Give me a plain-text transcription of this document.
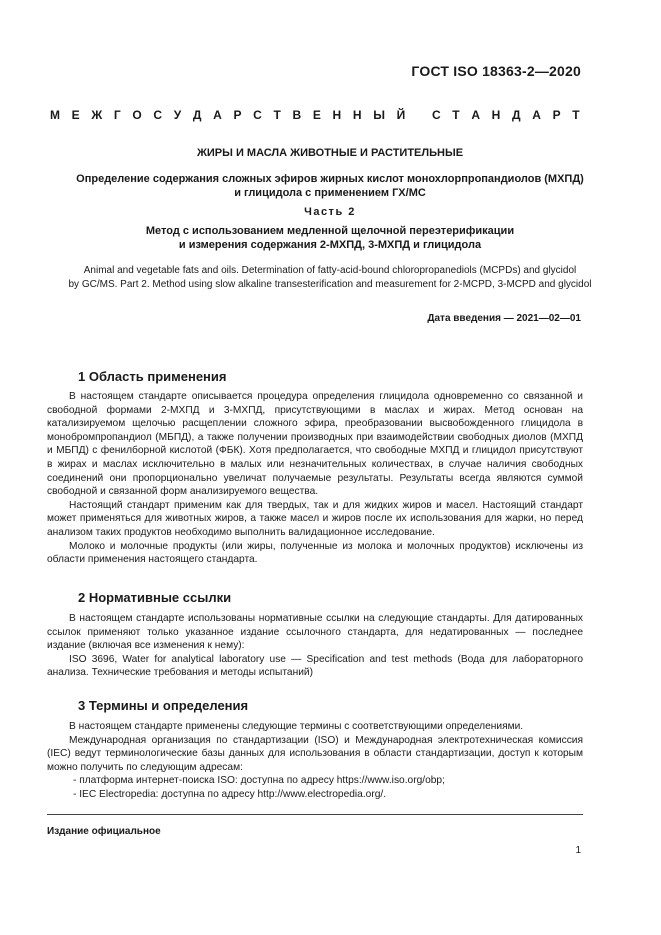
ГОСТ ISO 18363-2—2020
М Е Ж Г О С У Д А Р С Т В Е Н Н Ы Й
С Т А Н Д А Р Т
ЖИРЫ И МАСЛА ЖИВОТНЫЕ И РАСТИТЕЛЬНЫЕ
Определение содержания сложных эфиров жирных кислот монохлорпропандиолов (МХПД)
и глицидола с применением ГХ/МС
Часть 2
Метод с использованием медленной щелочной переэтерификации
и измерения содержания 2-МХПД, 3-МХПД и глицидола
Animal and vegetable fats and oils. Determination of fatty-acid-bound chloropropanediols (MCPDs) and glycidol
by GC/MS. Part 2. Method using slow alkaline transesterification and measurement for 2-MCPD, 3-MCPD and glycidol
Дата введения — 2021—02—01
1 Область применения

В настоящем стандарте описывается процедура определения глицидола одновременно со связанной и свободной формами 2-МХПД и 3-МХПД, присутствующими в маслах и жирах. Метод основан на катализируемом щелочью расщеплении сложного эфира, преобразовании высвобожденного глицидола в монобромпропандиол (МБПД), а также получении производных при взаимодействии свободных диолов (МХПД и МБПД) с фенилборной кислотой (ФБК). Хотя предполагается, что свободные МХПД и глицидол присутствуют в жирах и маслах исключительно в малых или незначительных количествах, в случае наличия свободных соединений они пропорционально увеличат получаемые результаты. Результаты всегда являются суммой свободной и связанной форм анализируемого вещества.

Настоящий стандарт применим как для твердых, так и для жидких жиров и масел. Настоящий стандарт может применяться для животных жиров, а также масел и жиров после их использования для жарки, но перед анализом таких продуктов необходимо выполнить валидационное исследование.

Молоко и молочные продукты (или жиры, полученные из молока и молочных продуктов) исключены из области применения настоящего стандарта.

2 Нормативные ссылки

В настоящем стандарте использованы нормативные ссылки на следующие стандарты. Для датированных ссылок применяют только указанное издание ссылочного стандарта, для недатированных — последнее издание (включая все изменения к нему):

ISO 3696, Water for analytical laboratory use — Specification and test methods (Вода для лабораторного анализа. Технические требования и методы испытаний)

3 Термины и определения

В настоящем стандарте применены следующие термины с соответствующими определениями.

Международная организация по стандартизации (ISO) и Международная электротехническая комиссия (IEC) ведут терминологические базы данных для использования в области стандартизации, доступ к которым можно получить по следующим адресам:

- платформа интернет-поиска ISO: доступна по адресу https://www.iso.org/obp;

- IEC Electropedia: доступна по адресу http://www.electropedia.org/.

Издание официальное
1
